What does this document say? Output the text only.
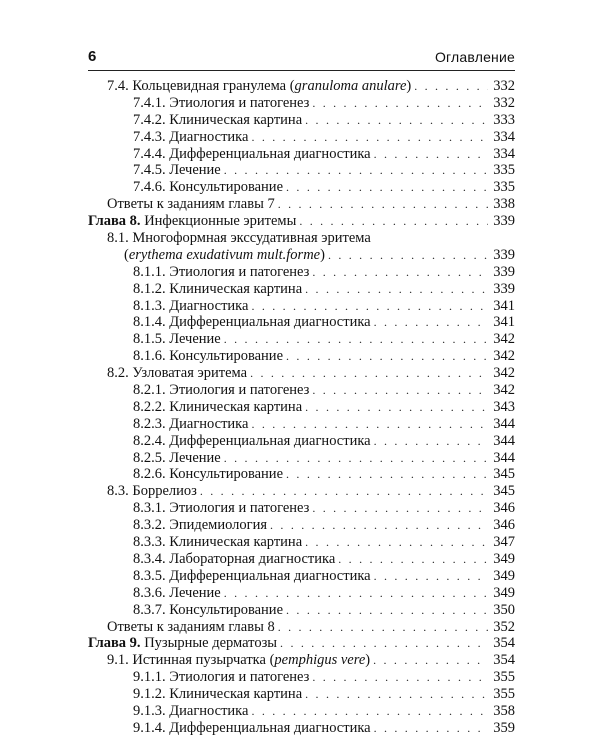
6	Оглавление
7.4. Кольцевидная гранулема (granuloma anulare) . . .	332
7.4.1. Этиология и патогенез . . .	332
7.4.2. Клиническая картина . . .	333
7.4.3. Диагностика . . .	334
7.4.4. Дифференциальная диагностика . . .	334
7.4.5. Лечение . . .	335
7.4.6. Консультирование . . .	335
Ответы к заданиям главы 7 . . .	338
Глава 8. Инфекционные эритемы . . .	339
8.1. Многоформная экссудативная эритема
(erythema exudativum mult.forme) . . .	339
8.1.1. Этиология и патогенез . . .	339
8.1.2. Клиническая картина . . .	339
8.1.3. Диагностика . . .	341
8.1.4. Дифференциальная диагностика . . .	341
8.1.5. Лечение . . .	342
8.1.6. Консультирование . . .	342
8.2. Узловатая эритема . . .	342
8.2.1. Этиология и патогенез . . .	342
8.2.2. Клиническая картина . . .	343
8.2.3. Диагностика . . .	344
8.2.4. Дифференциальная диагностика . . .	344
8.2.5. Лечение . . .	344
8.2.6. Консультирование . . .	345
8.3. Боррелиоз . . .	345
8.3.1. Этиология и патогенез . . .	346
8.3.2. Эпидемиология . . .	346
8.3.3. Клиническая картина . . .	347
8.3.4. Лабораторная диагностика . . .	349
8.3.5. Дифференциальная диагностика . . .	349
8.3.6. Лечение . . .	349
8.3.7. Консультирование . . .	350
Ответы к заданиям главы 8 . . .	352
Глава 9. Пузырные дерматозы . . .	354
9.1. Истинная пузырчатка (pemphigus vere) . . .	354
9.1.1. Этиология и патогенез . . .	355
9.1.2. Клиническая картина . . .	355
9.1.3. Диагностика . . .	358
9.1.4. Дифференциальная диагностика . . .	359
